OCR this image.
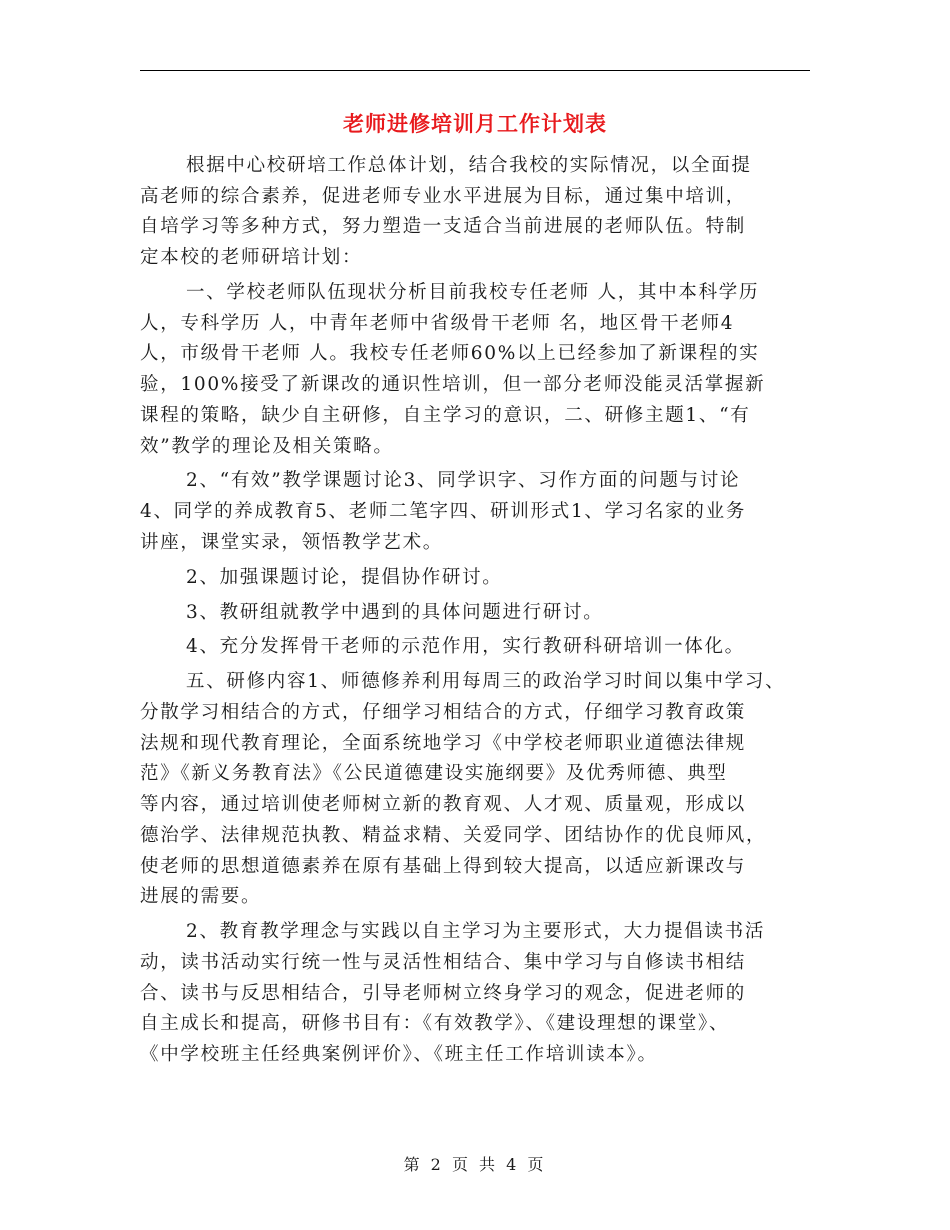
老师进修培训月工作计划表

根据中心校研培工作总体计划，结合我校的实际情况，以全面提
高老师的综合素养，促进老师专业水平进展为目标，通过集中培训，
自培学习等多种方式，努力塑造一支适合当前进展的老师队伍。特制
定本校的老师研培计划：

一、学校老师队伍现状分析目前我校专任老师 人，其中本科学历
人，专科学历 人，中青年老师中省级骨干老师 名，地区骨干老师4
人，市级骨干老师 人。我校专任老师60%以上已经参加了新课程的实
验，100%接受了新课改的通识性培训，但一部分老师没能灵活掌握新
课程的策略，缺少自主研修，自主学习的意识，二、研修主题1、“有
效”教学的理论及相关策略。

2、“有效”教学课题讨论3、同学识字、习作方面的问题与讨论
4、同学的养成教育5、老师二笔字四、研训形式1、学习名家的业务
讲座，课堂实录，领悟教学艺术。

2、加强课题讨论，提倡协作研讨。

3、教研组就教学中遇到的具体问题进行研讨。

4、充分发挥骨干老师的示范作用，实行教研科研培训一体化。

五、研修内容1、师德修养利用每周三的政治学习时间以集中学习、
分散学习相结合的方式，仔细学习相结合的方式，仔细学习教育政策
法规和现代教育理论，全面系统地学习《中学校老师职业道德法律规
范》《新义务教育法》《公民道德建设实施纲要》及优秀师德、典型
等内容，通过培训使老师树立新的教育观、人才观、质量观，形成以
德治学、法律规范执教、精益求精、关爱同学、团结协作的优良师风，
使老师的思想道德素养在原有基础上得到较大提高，以适应新课改与
进展的需要。

2、教育教学理念与实践以自主学习为主要形式，大力提倡读书活
动，读书活动实行统一性与灵活性相结合、集中学习与自修读书相结
合、读书与反思相结合，引导老师树立终身学习的观念，促进老师的
自主成长和提高，研修书目有：《有效教学》、《建设理想的课堂》、
《中学校班主任经典案例评价》、《班主任工作培训读本》。

第 2 页 共 4 页
